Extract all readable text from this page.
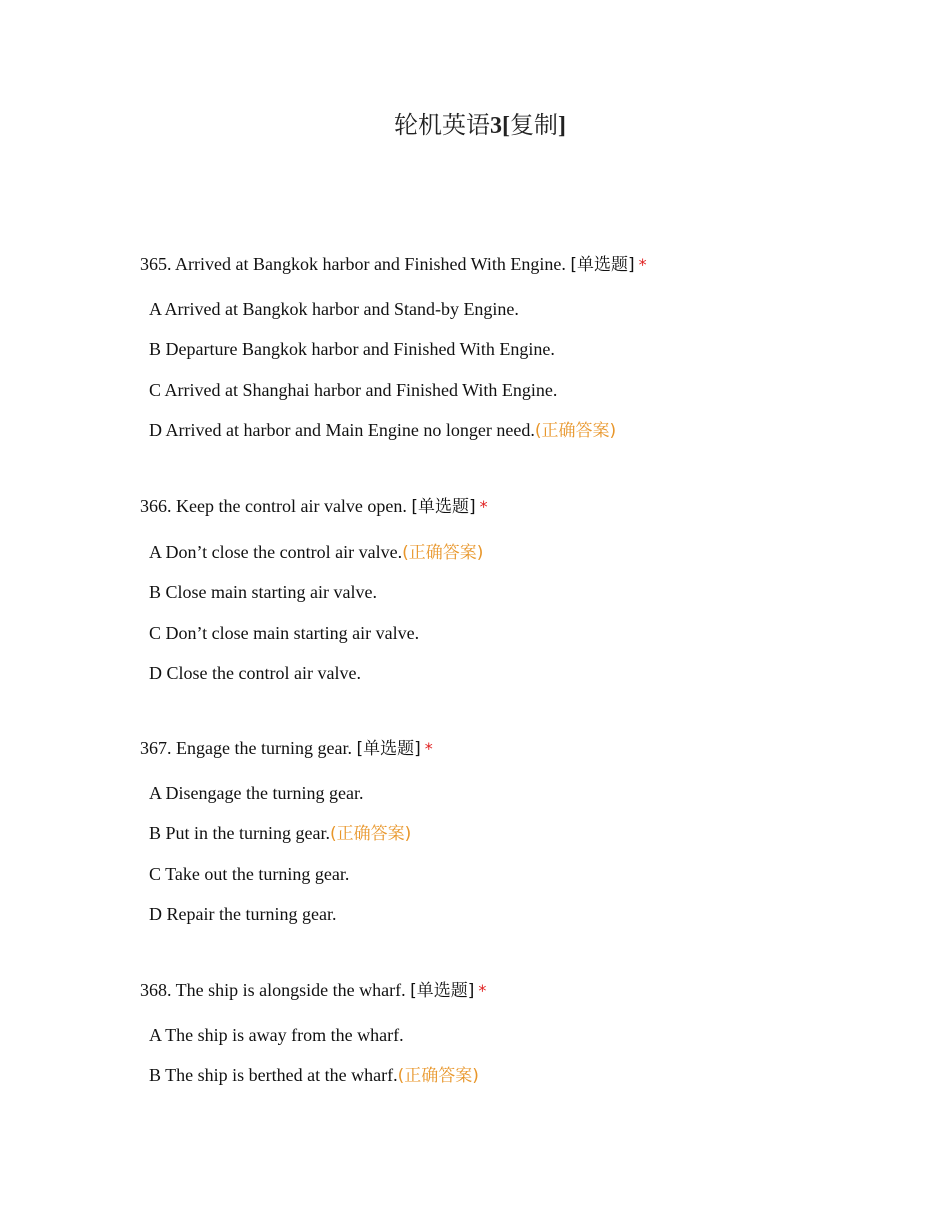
轮机英语3[复制]
365. Arrived at Bangkok harbor and Finished With Engine. [单选题] *
A Arrived at Bangkok harbor and Stand-by Engine.
B Departure Bangkok harbor and Finished With Engine.
C Arrived at Shanghai harbor and Finished With Engine.
D Arrived at harbor and Main Engine no longer need.(正确答案)
366. Keep the control air valve open. [单选题] *
A Don’t close the control air valve.(正确答案)
B Close main starting air valve.
C Don’t close main starting air valve.
D Close the control air valve.
367. Engage the turning gear. [单选题] *
A Disengage the turning gear.
B Put in the turning gear.(正确答案)
C Take out the turning gear.
D Repair the turning gear.
368. The ship is alongside the wharf. [单选题] *
A The ship is away from the wharf.
B The ship is berthed at the wharf.(正确答案)
